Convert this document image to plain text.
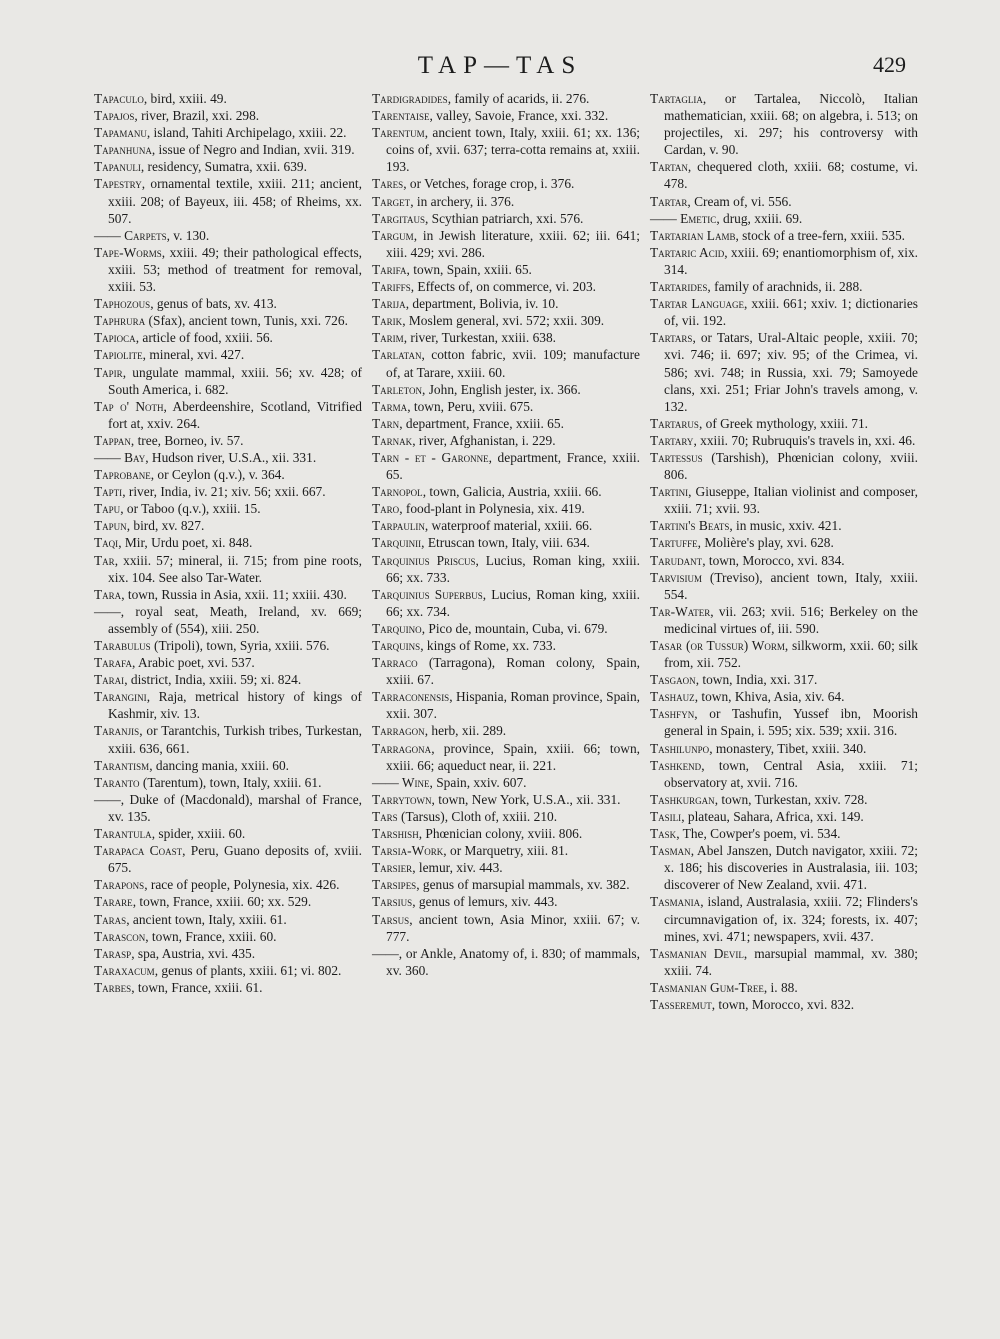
TAP—TAS	429
Tapaculo, bird, xxiii. 49.
Tapajos, river, Brazil, xxi. 298.
Tapamanu, island, Tahiti Archipelago, xxiii. 22.
Tapanhuna, issue of Negro and Indian, xvii. 319.
Tapanuli, residency, Sumatra, xxii. 639.
Tapestry, ornamental textile, xxiii. 211; ancient, xxiii. 208; of Bayeux, iii. 458; of Rheims, xx. 507.
—— Carpets, v. 130.
Tape-Worms, xxiii. 49; their pathological effects, xxiii. 53; method of treatment for removal, xxiii. 53.
Taphozous, genus of bats, xv. 413.
Taphrura (Sfax), ancient town, Tunis, xxi. 726.
Tapioca, article of food, xxiii. 56.
Tapiolite, mineral, xvi. 427.
Tapir, ungulate mammal, xxiii. 56; xv. 428; of South America, i. 682.
Tap o' Noth, Aberdeenshire, Scotland, Vitrified fort at, xxiv. 264.
Tappan, tree, Borneo, iv. 57.
—— Bay, Hudson river, U.S.A., xii. 331.
Taprobane, or Ceylon (q.v.), v. 364.
Tapti, river, India, iv. 21; xiv. 56; xxii. 667.
Tapu, or Taboo (q.v.), xxiii. 15.
Tapun, bird, xv. 827.
Taqi, Mir, Urdu poet, xi. 848.
Tar, xxiii. 57; mineral, ii. 715; from pine roots, xix. 104. See also Tar-Water.
Tara, town, Russia in Asia, xxii. 11; xxiii. 430.
——, royal seat, Meath, Ireland, xv. 669; assembly of (554), xiii. 250.
Tarabulus (Tripoli), town, Syria, xxiii. 576.
Tarafa, Arabic poet, xvi. 537.
Tarai, district, India, xxiii. 59; xi. 824.
Tarangini, Raja, metrical history of kings of Kashmir, xiv. 13.
Taranjis, or Tarantchis, Turkish tribes, Turkestan, xxiii. 636, 661.
Tarantism, dancing mania, xxiii. 60.
Taranto (Tarentum), town, Italy, xxiii. 61.
——, Duke of (Macdonald), marshal of France, xv. 135.
Tarantula, spider, xxiii. 60.
Tarapaca Coast, Peru, Guano deposits of, xviii. 675.
Tarapons, race of people, Polynesia, xix. 426.
Tarare, town, France, xxiii. 60; xx. 529.
Taras, ancient town, Italy, xxiii. 61.
Tarascon, town, France, xxiii. 60.
Tarasp, spa, Austria, xvi. 435.
Taraxacum, genus of plants, xxiii. 61; vi. 802.
Tarbes, town, France, xxiii. 61.
Tardigradides, family of acarids, ii. 276.
Tarentaise, valley, Savoie, France, xxi. 332.
Tarentum, ancient town, Italy, xxiii. 61; xx. 136; coins of, xvii. 637; terra-cotta remains at, xxiii. 193.
Tares, or Vetches, forage crop, i. 376.
Target, in archery, ii. 376.
Targitaus, Scythian patriarch, xxi. 576.
Targum, in Jewish literature, xxiii. 62; iii. 641; xiii. 429; xvi. 286.
Tarifa, town, Spain, xxiii. 65.
Tariffs, Effects of, on commerce, vi. 203.
Tarija, department, Bolivia, iv. 10.
Tarik, Moslem general, xvi. 572; xxii. 309.
Tarim, river, Turkestan, xxiii. 638.
Tarlatan, cotton fabric, xvii. 109; manufacture of, at Tarare, xxiii. 60.
Tarleton, John, English jester, ix. 366.
Tarma, town, Peru, xviii. 675.
Tarn, department, France, xxiii. 65.
Tarnak, river, Afghanistan, i. 229.
Tarn - et - Garonne, department, France, xxiii. 65.
Tarnopol, town, Galicia, Austria, xxiii. 66.
Taro, food-plant in Polynesia, xix. 419.
Tarpaulin, waterproof material, xxiii. 66.
Tarquinii, Etruscan town, Italy, viii. 634.
Tarquinius Priscus, Lucius, Roman king, xxiii. 66; xx. 733.
Tarquinius Superbus, Lucius, Roman king, xxiii. 66; xx. 734.
Tarquino, Pico de, mountain, Cuba, vi. 679.
Tarquins, kings of Rome, xx. 733.
Tarraco (Tarragona), Roman colony, Spain, xxiii. 67.
Tarraconensis, Hispania, Roman province, Spain, xxii. 307.
Tarragon, herb, xii. 289.
Tarragona, province, Spain, xxiii. 66; town, xxiii. 66; aqueduct near, ii. 221.
—— Wine, Spain, xxiv. 607.
Tarrytown, town, New York, U.S.A., xii. 331.
Tars (Tarsus), Cloth of, xxiii. 210.
Tarshish, Phœnician colony, xviii. 806.
Tarsia-Work, or Marquetry, xiii. 81.
Tarsier, lemur, xiv. 443.
Tarsipes, genus of marsupial mammals, xv. 382.
Tarsius, genus of lemurs, xiv. 443.
Tarsus, ancient town, Asia Minor, xxiii. 67; v. 777.
——, or Ankle, Anatomy of, i. 830; of mammals, xv. 360.
Tartaglia, or Tartalea, Niccolò, Italian mathematician, xxiii. 68; on algebra, i. 513; on projectiles, xi. 297; his controversy with Cardan, v. 90.
Tartan, chequered cloth, xxiii. 68; costume, vi. 478.
Tartar, Cream of, vi. 556.
—— Emetic, drug, xxiii. 69.
Tartarian Lamb, stock of a tree-fern, xxiii. 535.
Tartaric Acid, xxiii. 69; enantiomorphism of, xix. 314.
Tartarides, family of arachnids, ii. 288.
Tartar Language, xxiii. 661; xxiv. 1; dictionaries of, vii. 192.
Tartars, or Tatars, Ural-Altaic people, xxiii. 70; xvi. 746; ii. 697; xiv. 95; of the Crimea, vi. 586; xvi. 748; in Russia, xxi. 79; Samoyede clans, xxi. 251; Friar John's travels among, v. 132.
Tartarus, of Greek mythology, xxiii. 71.
Tartary, xxiii. 70; Rubruquis's travels in, xxi. 46.
Tartessus (Tarshish), Phœnician colony, xviii. 806.
Tartini, Giuseppe, Italian violinist and composer, xxiii. 71; xvii. 93.
Tartini's Beats, in music, xxiv. 421.
Tartuffe, Molière's play, xvi. 628.
Tarudant, town, Morocco, xvi. 834.
Tarvisium (Treviso), ancient town, Italy, xxiii. 554.
Tar-Water, vii. 263; xvii. 516; Berkeley on the medicinal virtues of, iii. 590.
Tasar (or Tussur) Worm, silkworm, xxii. 60; silk from, xii. 752.
Tasgaon, town, India, xxi. 317.
Tashauz, town, Khiva, Asia, xiv. 64.
Tashfyn, or Tashufin, Yussef ibn, Moorish general in Spain, i. 595; xix. 539; xxii. 316.
Tashilunpo, monastery, Tibet, xxiii. 340.
Tashkend, town, Central Asia, xxiii. 71; observatory at, xvii. 716.
Tashkurgan, town, Turkestan, xxiv. 728.
Tasili, plateau, Sahara, Africa, xxi. 149.
Task, The, Cowper's poem, vi. 534.
Tasman, Abel Janszen, Dutch navigator, xxiii. 72; x. 186; his discoveries in Australasia, iii. 103; discoverer of New Zealand, xvii. 471.
Tasmania, island, Australasia, xxiii. 72; Flinders's circumnavigation of, ix. 324; forests, ix. 407; mines, xvi. 471; newspapers, xvii. 437.
Tasmanian Devil, marsupial mammal, xv. 380; xxiii. 74.
Tasmanian Gum-Tree, i. 88.
Tasseremut, town, Morocco, xvi. 832.
